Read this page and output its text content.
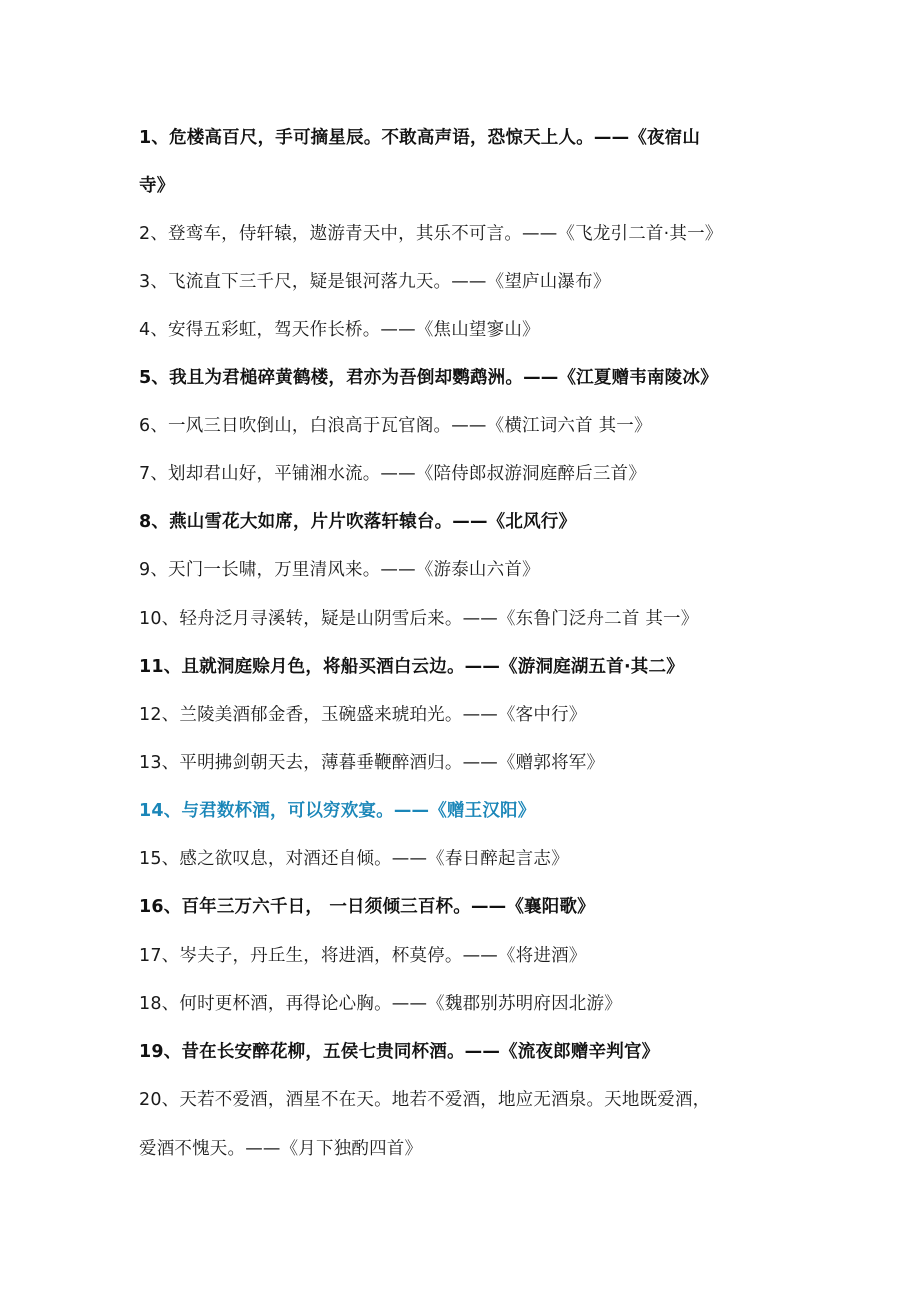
1、危楼高百尺，手可摘星辰。不敢高声语，恐惊天上人。——《夜宿山
寺》
2、登鸾车，侍轩辕，遨游青天中，其乐不可言。——《飞龙引二首·其一》
3、飞流直下三千尺，疑是银河落九天。——《望庐山瀑布》
4、安得五彩虹，驾天作长桥。——《焦山望寥山》
5、我且为君槌碎黄鹤楼，君亦为吾倒却鹦鹉洲。——《江夏赠韦南陵冰》
6、一风三日吹倒山，白浪高于瓦官阁。——《横江词六首 其一》
7、划却君山好，平铺湘水流。——《陪侍郎叔游洞庭醉后三首》
8、燕山雪花大如席，片片吹落轩辕台。——《北风行》
9、天门一长啸，万里清风来。——《游泰山六首》
10、轻舟泛月寻溪转，疑是山阴雪后来。——《东鲁门泛舟二首 其一》
11、且就洞庭赊月色，将船买酒白云边。——《游洞庭湖五首·其二》
12、兰陵美酒郁金香，玉碗盛来琥珀光。——《客中行》
13、平明拂剑朝天去，薄暮垂鞭醉酒归。——《赠郭将军》
14、与君数杯酒，可以穷欢宴。——《赠王汉阳》
15、感之欲叹息，对酒还自倾。——《春日醉起言志》
16、百年三万六千日， 一日须倾三百杯。——《襄阳歌》
17、岑夫子，丹丘生，将进酒，杯莫停。——《将进酒》
18、何时更杯酒，再得论心胸。——《魏郡别苏明府因北游》
19、昔在长安醉花柳，五侯七贵同杯酒。——《流夜郎赠辛判官》
20、天若不爱酒，酒星不在天。地若不爱酒，地应无酒泉。天地既爱酒，
爱酒不愧天。——《月下独酌四首》
